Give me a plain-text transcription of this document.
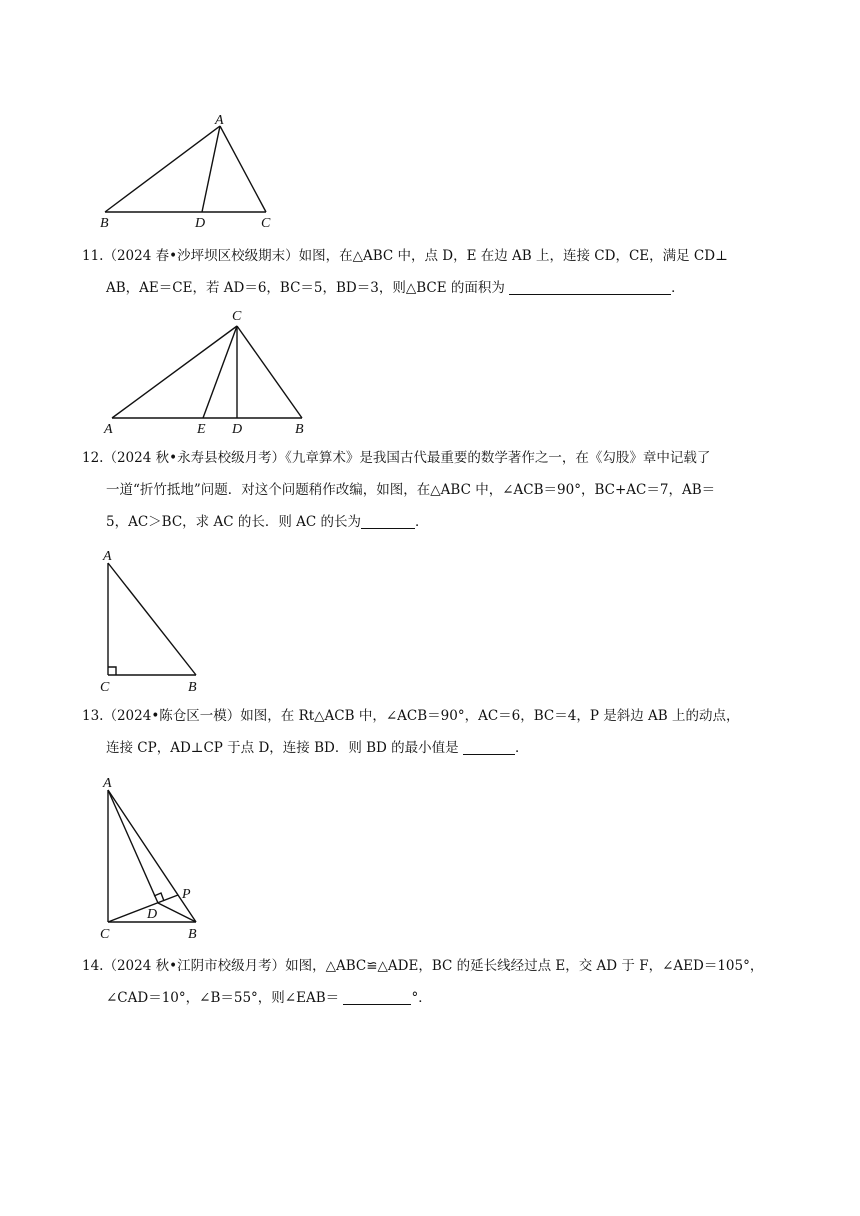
A
B	D	C
11.（2024 春•沙坪坝区校级期末）如图，在△ABC 中，点 D，E 在边 AB 上，连接 CD，CE，满足 CD⊥
AB，AE＝CE，若 AD＝6，BC＝5，BD＝3，则△BCE 的面积为	．
C
A	E D	B
12.（2024 秋•永寿县校级月考）《九章算术》是我国古代最重要的数学著作之一，在《勾股》章中记载了
一道“折竹抵地”问题．对这个问题稍作改编，如图，在△ABC 中，∠ACB＝90°，BC+AC＝7，AB＝
5，AC＞BC，求 AC 的长．则 AC 的长为	．
A
C	B
13.（2024•陈仓区一模）如图，在 Rt△ACB 中，∠ACB＝90°，AC＝6，BC＝4，P 是斜边 AB 上的动点，
连接 CP，AD⊥CP 于点 D，连接 BD．则 BD 的最小值是	．
A
P
D
C	B
14.（2024 秋•江阴市校级月考）如图，△ABC≌△ADE，BC 的延长线经过点 E，交 AD 于 F，∠AED＝105°，
∠CAD＝10°，∠B＝55°，则∠EAB＝	°．
